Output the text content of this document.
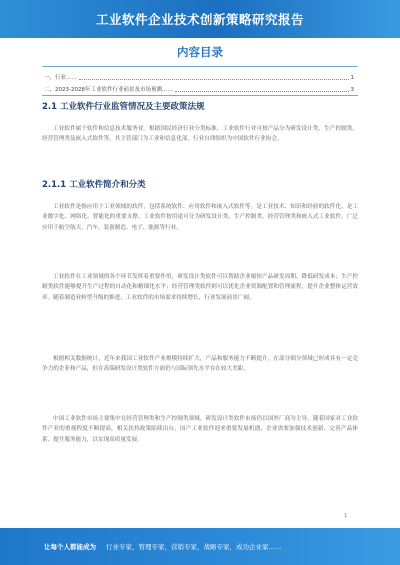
工业软件企业技术创新策略研究报告
内容目录
一、行业……	1
二、2023-2028年工业软件行业前景及市场预测……	3
2.1 工业软件行业监管情况及主要政策法规
工业软件属于软件和信息技术服务业。根据国民经济行业分类标准，工业软件行业可按产品分为研发设计类、生产控制类、经营管理类及嵌入式软件等，其主管部门为工业和信息化部，行业自律组织为中国软件行业协会。
2.1.1 工业软件简介和分类
工业软件是指应用于工业领域的软件，包括系统软件、应用软件和嵌入式软件等，是工业技术、知识和经验的软件化，是工业数字化、网络化、智能化的重要支撑。工业软件按用途可分为研发设计类、生产控制类、经营管理类和嵌入式工业软件，广泛应用于航空航天、汽车、装备制造、电子、能源等行业。
工业软件在工业领域的各个环节发挥着重要作用，研发设计类软件可以帮助企业缩短产品研发周期、降低研发成本；生产控制类软件能够提升生产过程的自动化和精细化水平；经营管理类软件则可以优化企业资源配置和管理流程，提升企业整体运营效率。随着制造业转型升级的推进，工业软件的市场需求持续增长，行业发展前景广阔。
根据相关数据统计，近年来我国工业软件产业规模持续扩大，产品和服务能力不断提升，在部分细分领域已形成具有一定竞争力的企业和产品，但在高端研发设计类软件方面仍与国际领先水平存在较大差距。
中国工业软件市场主要集中在经营管理类和生产控制类领域，研发设计类软件市场仍以国外厂商为主导。随着国家对工业软件产业的重视程度不断提高，相关扶持政策陆续出台，国产工业软件迎来重要发展机遇，企业需要加强技术创新、完善产品体系、提升服务能力，以实现高质量发展。
1
让每个人都能成为 行业专家，管理专家，营销专家，战略专家，成功企业家……
